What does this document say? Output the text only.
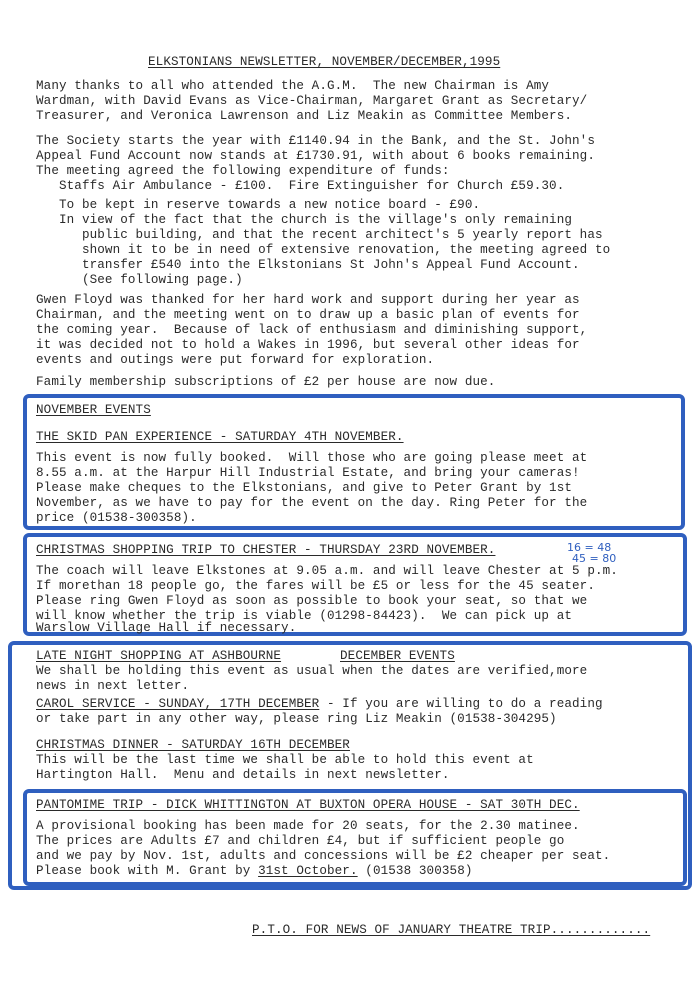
ELKSTONIANS NEWSLETTER, NOVEMBER/DECEMBER,1995
Many thanks to all who attended the A.G.M.  The new Chairman is Amy
Wardman, with David Evans as Vice-Chairman, Margaret Grant as Secretary/
Treasurer, and Veronica Lawrenson and Liz Meakin as Committee Members.
The Society starts the year with £1140.94 in the Bank, and the St. John's
Appeal Fund Account now stands at £1730.91, with about 6 books remaining.
The meeting agreed the following expenditure of funds:
Staffs Air Ambulance - £100.  Fire Extinguisher for Church £59.30.
To be kept in reserve towards a new notice board - £90.
In view of the fact that the church is the village's only remaining
public building, and that the recent architect's 5 yearly report has
shown it to be in need of extensive renovation, the meeting agreed to
transfer £540 into the Elkstonians St John's Appeal Fund Account.
(See following page.)
Gwen Floyd was thanked for her hard work and support during her year as
Chairman, and the meeting went on to draw up a basic plan of events for
the coming year.  Because of lack of enthusiasm and diminishing support,
it was decided not to hold a Wakes in 1996, but several other ideas for
events and outings were put forward for exploration.
Family membership subscriptions of £2 per house are now due.
NOVEMBER EVENTS
THE SKID PAN EXPERIENCE - SATURDAY 4TH NOVEMBER.
This event is now fully booked.  Will those who are going please meet at
8.55 a.m. at the Harpur Hill Industrial Estate, and bring your cameras!
Please make cheques to the Elkstonians, and give to Peter Grant by 1st
November, as we have to pay for the event on the day. Ring Peter for the
price (01538-300358).
CHRISTMAS SHOPPING TRIP TO CHESTER - THURSDAY 23RD NOVEMBER.	16 = 48
45 = 80
The coach will leave Elkstones at 9.05 a.m. and will leave Chester at 5 p.m.
If morethan 18 people go, the fares will be £5 or less for the 45 seater.
Please ring Gwen Floyd as soon as possible to book your seat, so that we
will know whether the trip is viable (01298-84423).  We can pick up at
Warslow Village Hall if necessary.
LATE NIGHT SHOPPING AT ASHBOURNE	DECEMBER EVENTS
We shall be holding this event as usual when the dates are verified,more
news in next letter.
CAROL SERVICE - SUNDAY, 17TH DECEMBER - If you are willing to do a reading
or take part in any other way, please ring Liz Meakin (01538-304295)
CHRISTMAS DINNER - SATURDAY 16TH DECEMBER
This will be the last time we shall be able to hold this event at
Hartington Hall.  Menu and details in next newsletter.
PANTOMIME TRIP - DICK WHITTINGTON AT BUXTON OPERA HOUSE - SAT 30TH DEC.
A provisional booking has been made for 20 seats, for the 2.30 matinee.
The prices are Adults £7 and children £4, but if sufficient people go
and we pay by Nov. 1st, adults and concessions will be £2 cheaper per seat.
Please book with M. Grant by 31st October. (01538 300358)
P.T.O. FOR NEWS OF JANUARY THEATRE TRIP.............
